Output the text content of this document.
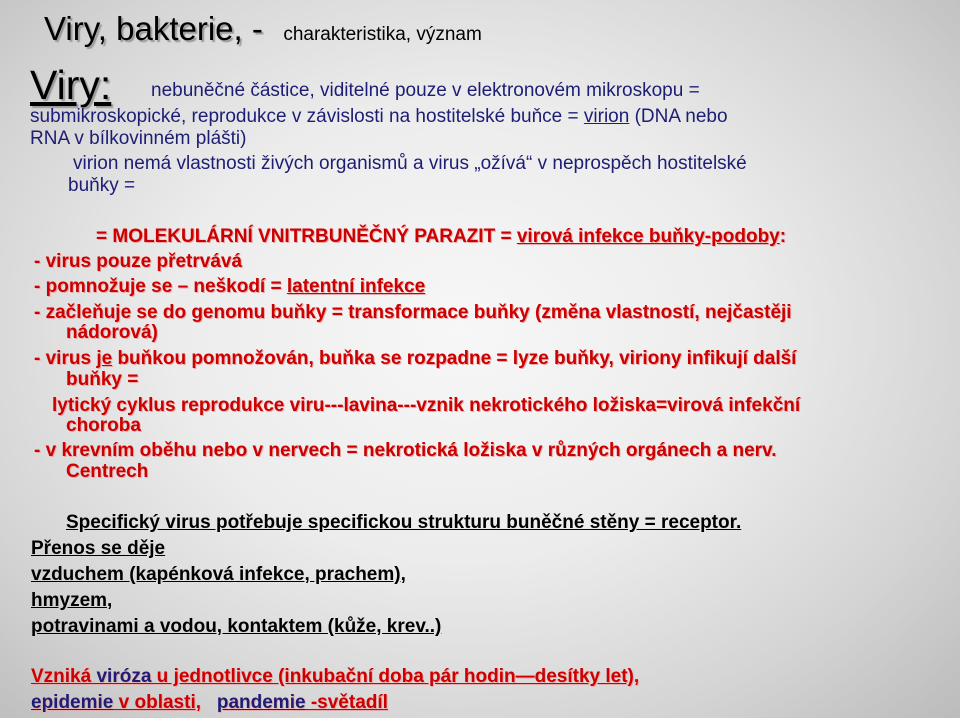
Viry, bakterie, - charakteristika, význam
Viry: nebuněčné částice, viditelné pouze v elektronovém mikroskopu =
submikroskopické, reprodukce v závislosti na hostitelské buňce = virion (DNA nebo
RNA v bílkovinném plášti)
virion nemá vlastnosti živých organismů a virus „ožívá“ v neprospěch hostitelské
buňky =
= MOLEKULÁRNÍ VNITRBUNĚČNÝ PARAZIT = virová infekce buňky-podoby:
- virus pouze přetrvává
- pomnožuje se – neškodí = latentní infekce
- začleňuje se do genomu buňky = transformace buňky (změna vlastností, nejčastěji
nádorová)
- virus je buňkou pomnožován, buňka se rozpadne = lyze buňky, viriony infikují další
buňky =
lytický cyklus reprodukce viru---lavina---vznik nekrotického ložiska=virová infekční
choroba
- v krevním oběhu nebo v nervech = nekrotická ložiska v různých orgánech a nerv.
Centrech
Specifický virus potřebuje specifickou strukturu buněčné stěny = receptor.
Přenos se děje
vzduchem (kapénková infekce, prachem),
hmyzem,
potravinami a vodou, kontaktem (kůže, krev..)
Vzniká viróza u jednotlivce (inkubační doba pár hodin—desítky let),
epidemie v oblasti, pandemie -světadíl
